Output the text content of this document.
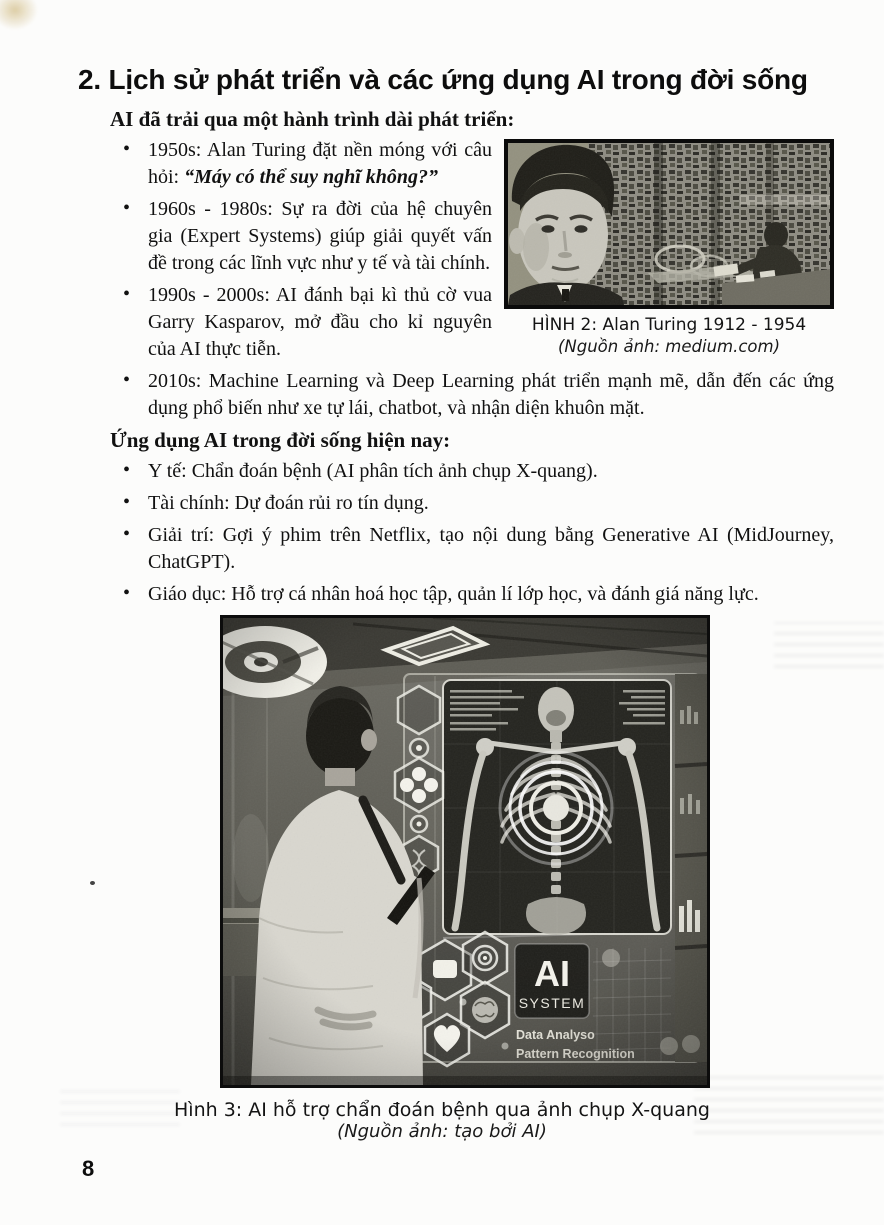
2. Lịch sử phát triển và các ứng dụng AI trong đời sống

AI đã trải qua một hành trình dài phát triển:

HÌNH 2: Alan Turing 1912 - 1954
(Nguồn ảnh: medium.com)
• 1950s: Alan Turing đặt nền móng với câu hỏi: “Máy có thể suy nghĩ không?”
• 1960s - 1980s: Sự ra đời của hệ chuyên gia (Expert Systems) giúp giải quyết vấn đề trong các lĩnh vực như y tế và tài chính.
• 1990s - 2000s: AI đánh bại kì thủ cờ vua Garry Kasparov, mở đầu cho kỉ nguyên của AI thực tiễn.
• 2010s: Machine Learning và Deep Learning phát triển mạnh mẽ, dẫn đến các ứng dụng phổ biến như xe tự lái, chatbot, và nhận diện khuôn mặt.

Ứng dụng AI trong đời sống hiện nay:

• Y tế: Chẩn đoán bệnh (AI phân tích ảnh chụp X-quang).
• Tài chính: Dự đoán rủi ro tín dụng.
• Giải trí: Gợi ý phim trên Netflix, tạo nội dung bằng Generative AI (MidJourney, ChatGPT).
• Giáo dục: Hỗ trợ cá nhân hoá học tập, quản lí lớp học, và đánh giá năng lực.
Hình 3: AI hỗ trợ chẩn đoán bệnh qua ảnh chụp X-quang
(Nguồn ảnh: tạo bởi AI)
8
